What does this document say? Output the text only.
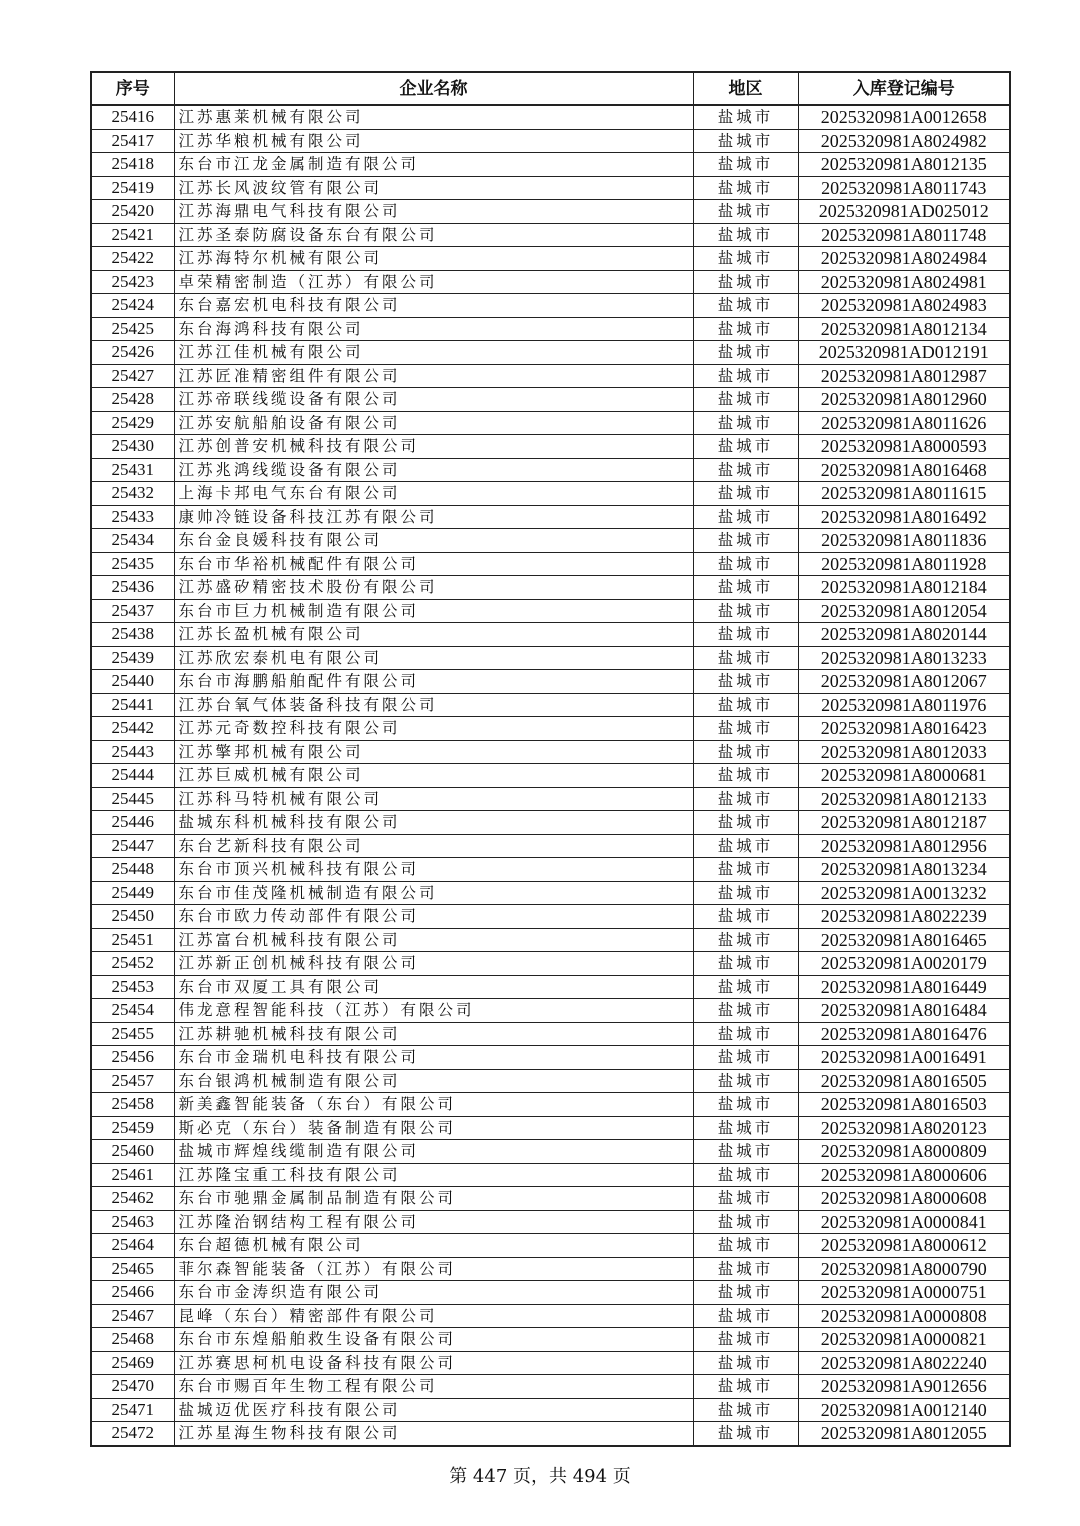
序号	企业名称	地区	入库登记编号
25416	江苏惠莱机械有限公司	盐城市	2025320981A0012658
25417	江苏华粮机械有限公司	盐城市	2025320981A8024982
25418	东台市江龙金属制造有限公司	盐城市	2025320981A8012135
25419	江苏长风波纹管有限公司	盐城市	2025320981A8011743
25420	江苏海鼎电气科技有限公司	盐城市	2025320981AD025012
25421	江苏圣泰防腐设备东台有限公司	盐城市	2025320981A8011748
25422	江苏海特尔机械有限公司	盐城市	2025320981A8024984
25423	卓荣精密制造（江苏）有限公司	盐城市	2025320981A8024981
25424	东台嘉宏机电科技有限公司	盐城市	2025320981A8024983
25425	东台海鸿科技有限公司	盐城市	2025320981A8012134
25426	江苏江佳机械有限公司	盐城市	2025320981AD012191
25427	江苏匠准精密组件有限公司	盐城市	2025320981A8012987
25428	江苏帝联线缆设备有限公司	盐城市	2025320981A8012960
25429	江苏安航船舶设备有限公司	盐城市	2025320981A8011626
25430	江苏创普安机械科技有限公司	盐城市	2025320981A8000593
25431	江苏兆鸿线缆设备有限公司	盐城市	2025320981A8016468
25432	上海卡邦电气东台有限公司	盐城市	2025320981A8011615
25433	康帅冷链设备科技江苏有限公司	盐城市	2025320981A8016492
25434	东台金良媛科技有限公司	盐城市	2025320981A8011836
25435	东台市华裕机械配件有限公司	盐城市	2025320981A8011928
25436	江苏盛矽精密技术股份有限公司	盐城市	2025320981A8012184
25437	东台市巨力机械制造有限公司	盐城市	2025320981A8012054
25438	江苏长盈机械有限公司	盐城市	2025320981A8020144
25439	江苏欣宏泰机电有限公司	盐城市	2025320981A8013233
25440	东台市海鹏船舶配件有限公司	盐城市	2025320981A8012067
25441	江苏台氧气体装备科技有限公司	盐城市	2025320981A8011976
25442	江苏元奇数控科技有限公司	盐城市	2025320981A8016423
25443	江苏擎邦机械有限公司	盐城市	2025320981A8012033
25444	江苏巨威机械有限公司	盐城市	2025320981A8000681
25445	江苏科马特机械有限公司	盐城市	2025320981A8012133
25446	盐城东科机械科技有限公司	盐城市	2025320981A8012187
25447	东台艺新科技有限公司	盐城市	2025320981A8012956
25448	东台市顶兴机械科技有限公司	盐城市	2025320981A8013234
25449	东台市佳茂隆机械制造有限公司	盐城市	2025320981A0013232
25450	东台市欧力传动部件有限公司	盐城市	2025320981A8022239
25451	江苏富台机械科技有限公司	盐城市	2025320981A8016465
25452	江苏新正创机械科技有限公司	盐城市	2025320981A0020179
25453	东台市双厦工具有限公司	盐城市	2025320981A8016449
25454	伟龙意程智能科技（江苏）有限公司	盐城市	2025320981A8016484
25455	江苏耕驰机械科技有限公司	盐城市	2025320981A8016476
25456	东台市金瑞机电科技有限公司	盐城市	2025320981A0016491
25457	东台银鸿机械制造有限公司	盐城市	2025320981A8016505
25458	新美鑫智能装备（东台）有限公司	盐城市	2025320981A8016503
25459	斯必克（东台）装备制造有限公司	盐城市	2025320981A8020123
25460	盐城市辉煌线缆制造有限公司	盐城市	2025320981A8000809
25461	江苏隆宝重工科技有限公司	盐城市	2025320981A8000606
25462	东台市驰鼎金属制品制造有限公司	盐城市	2025320981A8000608
25463	江苏隆治钢结构工程有限公司	盐城市	2025320981A0000841
25464	东台超德机械有限公司	盐城市	2025320981A8000612
25465	菲尔森智能装备（江苏）有限公司	盐城市	2025320981A8000790
25466	东台市金涛织造有限公司	盐城市	2025320981A0000751
25467	昆峰（东台）精密部件有限公司	盐城市	2025320981A0000808
25468	东台市东煌船舶救生设备有限公司	盐城市	2025320981A0000821
25469	江苏赛思柯机电设备科技有限公司	盐城市	2025320981A8022240
25470	东台市赐百年生物工程有限公司	盐城市	2025320981A9012656
25471	盐城迈优医疗科技有限公司	盐城市	2025320981A0012140
25472	江苏星海生物科技有限公司	盐城市	2025320981A8012055
第 447 页，共 494 页
